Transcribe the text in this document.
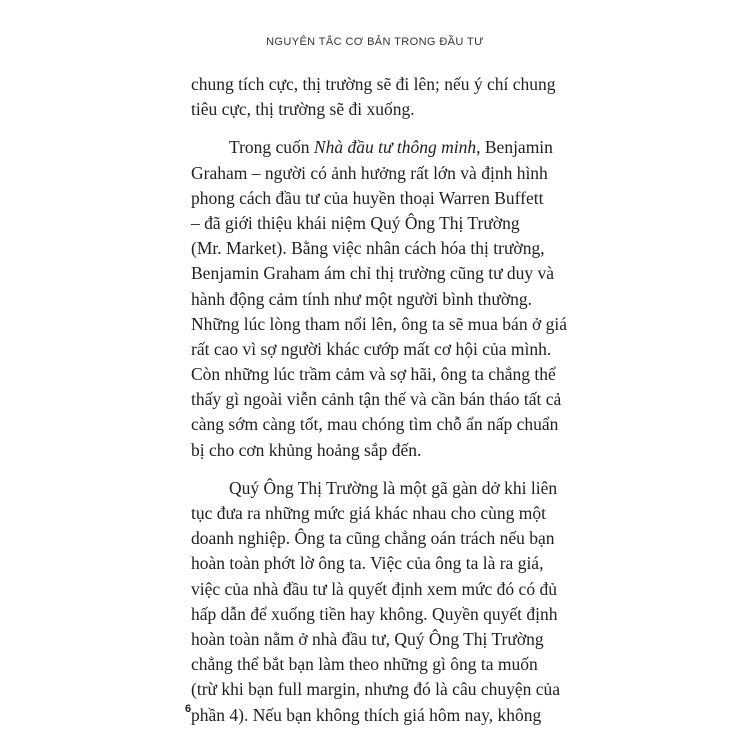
NGUYÊN TẮC CƠ BẢN TRONG ĐẦU TƯ
chung tích cực, thị trường sẽ đi lên; nếu ý chí chung
tiêu cực, thị trường sẽ đi xuống.
Trong cuốn Nhà đầu tư thông minh, Benjamin
Graham – người có ảnh hưởng rất lớn và định hình
phong cách đầu tư của huyền thoại Warren Buffett
– đã giới thiệu khái niệm Quý Ông Thị Trường
(Mr. Market). Bằng việc nhân cách hóa thị trường,
Benjamin Graham ám chỉ thị trường cũng tư duy và
hành động cảm tính như một người bình thường.
Những lúc lòng tham nổi lên, ông ta sẽ mua bán ở giá
rất cao vì sợ người khác cướp mất cơ hội của mình.
Còn những lúc trầm cảm và sợ hãi, ông ta chẳng thể
thấy gì ngoài viễn cảnh tận thế và cần bán tháo tất cả
càng sớm càng tốt, mau chóng tìm chỗ ẩn nấp chuẩn
bị cho cơn khủng hoảng sắp đến.
Quý Ông Thị Trường là một gã gàn dở khi liên
tục đưa ra những mức giá khác nhau cho cùng một
doanh nghiệp. Ông ta cũng chẳng oán trách nếu bạn
hoàn toàn phớt lờ ông ta. Việc của ông ta là ra giá,
việc của nhà đầu tư là quyết định xem mức đó có đủ
hấp dẫn để xuống tiền hay không. Quyền quyết định
hoàn toàn nằm ở nhà đầu tư, Quý Ông Thị Trường
chẳng thể bắt bạn làm theo những gì ông ta muốn
(trừ khi bạn full margin, nhưng đó là câu chuyện của
phần 4). Nếu bạn không thích giá hôm nay, không
6
